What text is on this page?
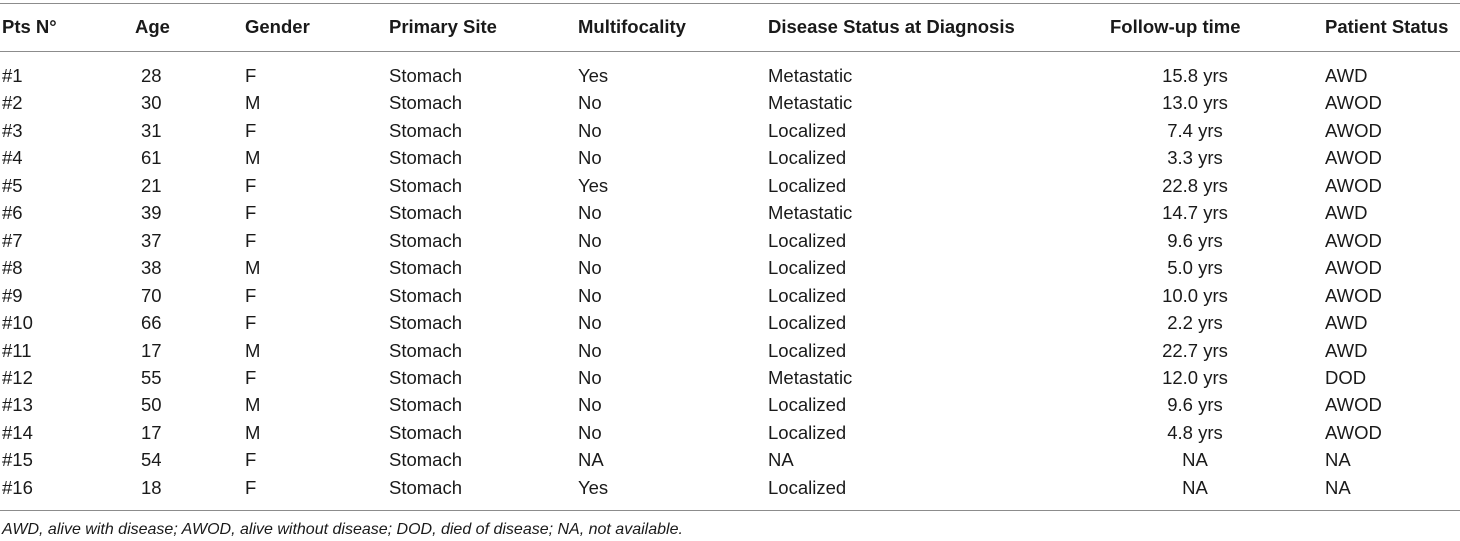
Pts N°	Age	Gender	Primary Site	Multifocality	Disease Status at Diagnosis	Follow-up time	Patient Status
#1	28	F	Stomach	Yes	Metastatic	15.8 yrs	AWD
#2	30	M	Stomach	No	Metastatic	13.0 yrs	AWOD
#3	31	F	Stomach	No	Localized	7.4 yrs	AWOD
#4	61	M	Stomach	No	Localized	3.3 yrs	AWOD
#5	21	F	Stomach	Yes	Localized	22.8 yrs	AWOD
#6	39	F	Stomach	No	Metastatic	14.7 yrs	AWD
#7	37	F	Stomach	No	Localized	9.6 yrs	AWOD
#8	38	M	Stomach	No	Localized	5.0 yrs	AWOD
#9	70	F	Stomach	No	Localized	10.0 yrs	AWOD
#10	66	F	Stomach	No	Localized	2.2 yrs	AWD
#11	17	M	Stomach	No	Localized	22.7 yrs	AWD
#12	55	F	Stomach	No	Metastatic	12.0 yrs	DOD
#13	50	M	Stomach	No	Localized	9.6 yrs	AWOD
#14	17	M	Stomach	No	Localized	4.8 yrs	AWOD
#15	54	F	Stomach	NA	NA	NA	NA
#16	18	F	Stomach	Yes	Localized	NA	NA
AWD, alive with disease; AWOD, alive without disease; DOD, died of disease; NA, not available.
